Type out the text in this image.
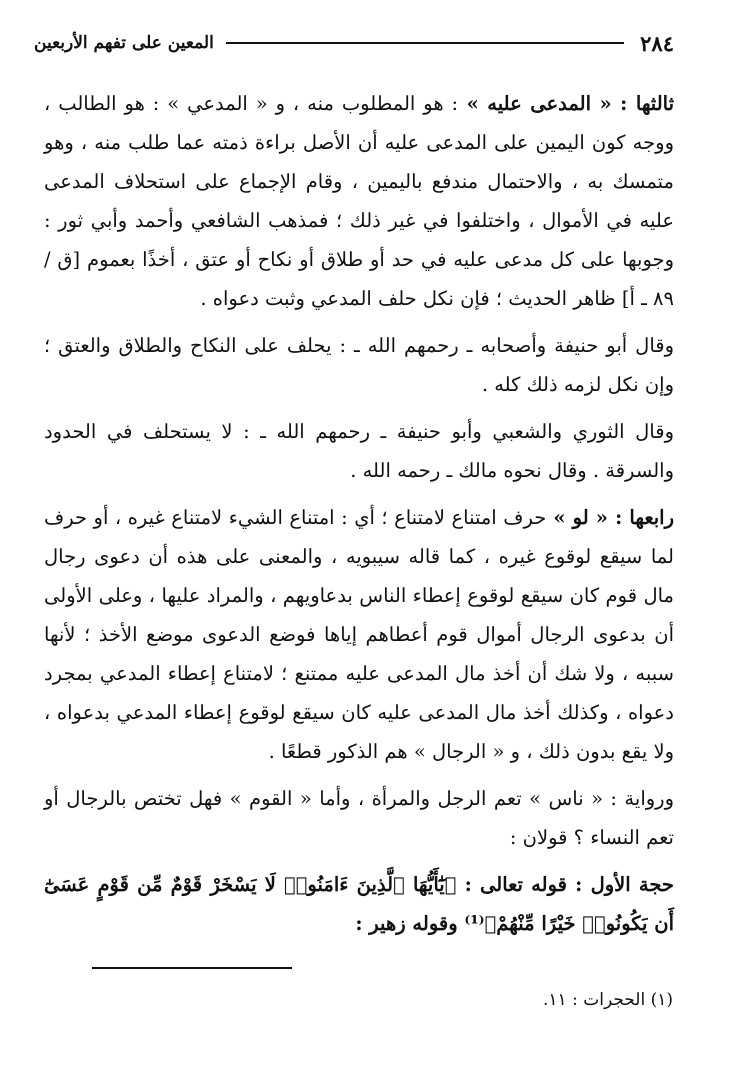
٢٨٤
المعين على تفهم الأربعين

ثالثها : « المدعى عليه » : هو المطلوب منه ، و « المدعي » : هو الطالب ، ووجه كون اليمين على المدعى عليه أن الأصل براءة ذمته عما طلب منه ، وهو متمسك به ، والاحتمال مندفع باليمين ، وقام الإجماع على استحلاف المدعى عليه في الأموال ، واختلفوا في غير ذلك ؛ فمذهب الشافعي وأحمد وأبي ثور : وجوبها على كل مدعى عليه في حد أو طلاق أو نكاح أو عتق ، أخذًا بعموم [ق / ٨٩ ـ أ] ظاهر الحديث ؛ فإن نكل حلف المدعي وثبت دعواه .

وقال أبو حنيفة وأصحابه ـ رحمهم الله ـ : يحلف على النكاح والطلاق والعتق ؛ وإن نكل لزمه ذلك كله .

وقال الثوري والشعبي وأبو حنيفة ـ رحمهم الله ـ : لا يستحلف في الحدود والسرقة . وقال نحوه مالك ـ رحمه الله .

رابعها : « لو » حرف امتناع لامتناع ؛ أي : امتناع الشيء لامتناع غيره ، أو حرف لما سيقع لوقوع غيره ، كما قاله سيبويه ، والمعنى على هذه أن دعوى رجال مال قوم كان سيقع لوقوع إعطاء الناس بدعاويهم ، والمراد عليها ، وعلى الأولى أن بدعوى الرجال أموال قوم أعطاهم إياها فوضع الدعوى موضع الأخذ ؛ لأنها سببه ، ولا شك أن أخذ مال المدعى عليه ممتنع ؛ لامتناع إعطاء المدعي بمجرد دعواه ، وكذلك أخذ مال المدعى عليه كان سيقع لوقوع إعطاء المدعي بدعواه ، ولا يقع بدون ذلك ، و « الرجال » هم الذكور قطعًا .

ورواية : « ناس » تعم الرجل والمرأة ، وأما « القوم » فهل تختص بالرجال أو تعم النساء ؟ قولان :

حجة الأول : قوله تعالى : ﴿يَٰٓأَيُّهَا ٱلَّذِينَ ءَامَنُوا۟ لَا يَسْخَرْ قَوْمٌ مِّن قَوْمٍ عَسَىٰٓ أَن يَكُونُوا۟ خَيْرًا مِّنْهُمْ﴾⁽¹⁾ وقوله زهير :

(١) الحجرات : ١١.
